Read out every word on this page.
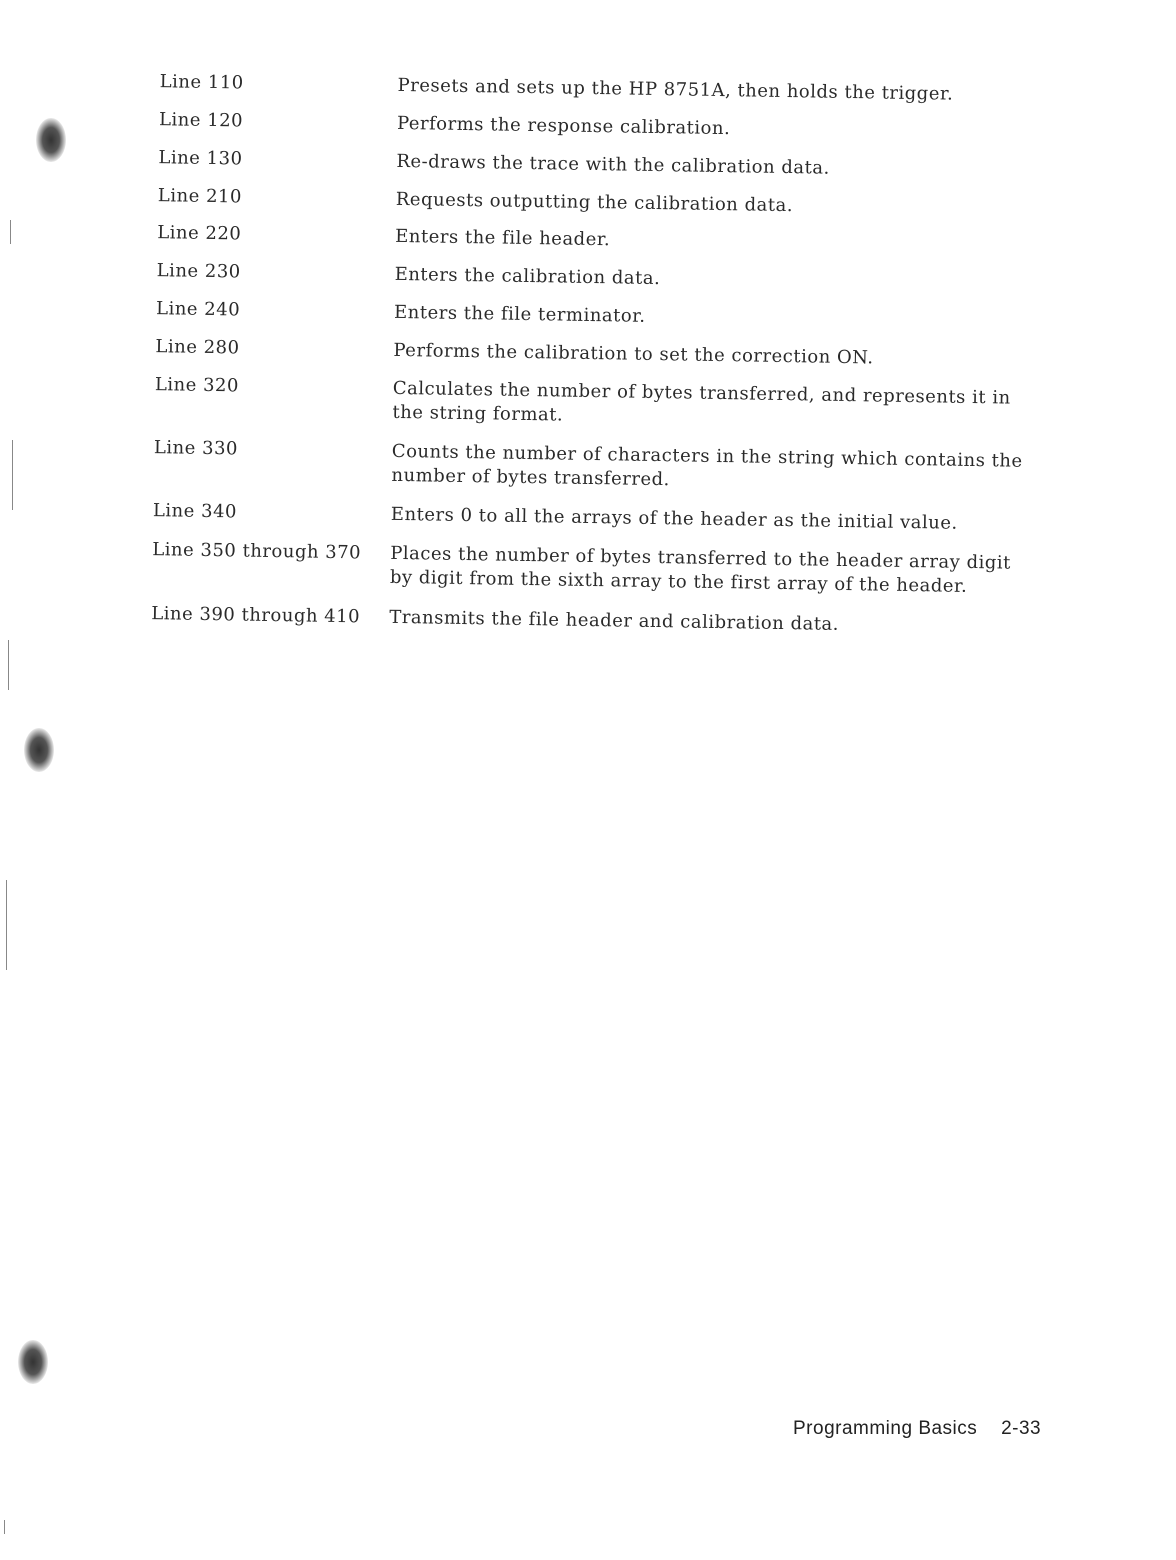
Line 110	Presets and sets up the HP 8751A, then holds the trigger.
Line 120	Performs the response calibration.
Line 130	Re-draws the trace with the calibration data.
Line 210	Requests outputting the calibration data.
Line 220	Enters the file header.
Line 230	Enters the calibration data.
Line 240	Enters the file terminator.
Line 280	Performs the calibration to set the correction ON.
Line 320	Calculates the number of bytes transferred, and represents it in the string format.
Line 330	Counts the number of characters in the string which contains the number of bytes transferred.
Line 340	Enters 0 to all the arrays of the header as the initial value.
Line 350 through 370 Places the number of bytes transferred to the header array digit by digit from the sixth array to the first array of the header.
Line 390 through 410 Transmits the file header and calibration data.
Programming Basics 2-33
